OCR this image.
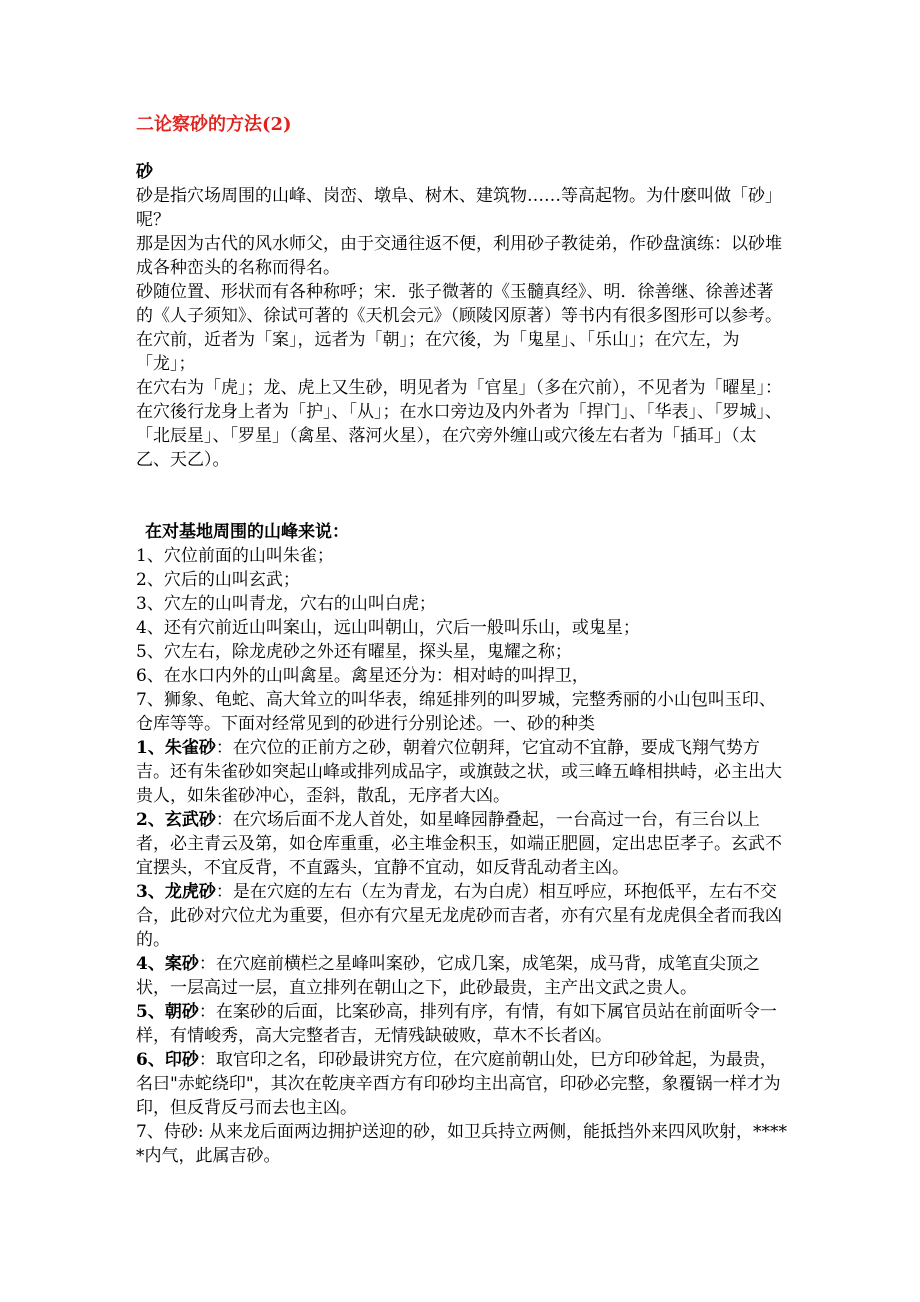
二论察砂的方法(2)

砂

砂是指穴场周围的山峰、岗峦、墩阜、树木、建筑物……等高起物。为什麽叫做「砂」呢？

那是因为古代的风水师父，由于交通往返不便，利用砂子教徒弟，作砂盘演练：以砂堆成各种峦头的名称而得名。

砂随位置、形状而有各种称呼；宋．张子微著的《玉髓真经》、明．徐善继、徐善述著的《人子须知》、徐试可著的《天机会元》（顾陵冈原著）等书内有很多图形可以参考。在穴前，近者为「案」，远者为「朝」；在穴後，为「鬼星」、「乐山」；在穴左，为「龙」；

在穴右为「虎」；龙、虎上又生砂，明见者为「官星」（多在穴前），不见者为「曜星」：在穴後行龙身上者为「护」、「从」；在水口旁边及内外者为「捍门」、「华表」、「罗城」、「北辰星」、「罗星」（禽星、落河火星），在穴旁外缠山或穴後左右者为「插耳」（太乙、天乙）。

在对基地周围的山峰来说：

1、穴位前面的山叫朱雀；

2、穴后的山叫玄武；

3、穴左的山叫青龙，穴右的山叫白虎；

4、还有穴前近山叫案山，远山叫朝山，穴后一般叫乐山，或鬼星；

5、穴左右，除龙虎砂之外还有曜星，探头星，鬼耀之称；

6、在水口内外的山叫禽星。禽星还分为：相对峙的叫捍卫，

7、狮象、龟蛇、高大耸立的叫华表，绵延排列的叫罗城，完整秀丽的小山包叫玉印、仓库等等。下面对经常见到的砂进行分别论述。一、砂的种类

1、朱雀砂：在穴位的正前方之砂，朝着穴位朝拜，它宜动不宜静，要成飞翔气势方吉。还有朱雀砂如突起山峰或排列成品字，或旗鼓之状，或三峰五峰相拱峙，必主出大贵人，如朱雀砂冲心，歪斜，散乱，无序者大凶。

2、玄武砂：在穴场后面不龙人首处，如星峰园静叠起，一台高过一台，有三台以上者，必主青云及第，如仓库重重，必主堆金积玉，如端正肥圆，定出忠臣孝子。玄武不宜摆头，不宜反背，不直露头，宜静不宜动，如反背乱动者主凶。

3、龙虎砂：是在穴庭的左右（左为青龙，右为白虎）相互呼应，环抱低平，左右不交合，此砂对穴位尤为重要，但亦有穴星无龙虎砂而吉者，亦有穴星有龙虎俱全者而我凶的。

4、案砂：在穴庭前横栏之星峰叫案砂，它成几案，成笔架，成马背，成笔直尖顶之状，一层高过一层，直立排列在朝山之下，此砂最贵，主产出文武之贵人。

5、朝砂：在案砂的后面，比案砂高，排列有序，有情，有如下属官员站在前面听令一样，有情峻秀，高大完整者吉，无情残缺破败，草木不长者凶。

6、印砂：取官印之名，印砂最讲究方位，在穴庭前朝山处，巳方印砂耸起，为最贵，名曰"赤蛇绕印"，其次在乾庚辛酉方有印砂均主出高官，印砂必完整，象覆锅一样才为印，但反背反弓而去也主凶。

7、侍砂: 从来龙后面两边拥护送迎的砂，如卫兵持立两侧，能抵挡外来四风吹射，*****内气，此属吉砂。
